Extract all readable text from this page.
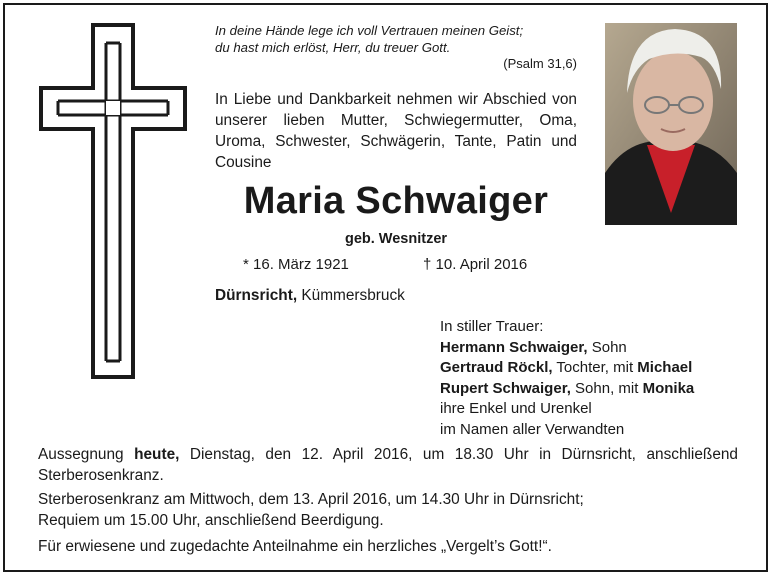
In deine Hände lege ich voll Vertrauen meinen Geist;
du hast mich erlöst, Herr, du treuer Gott.
(Psalm 31,6)
In Liebe und Dankbarkeit nehmen wir Abschied von unserer lieben Mutter, Schwiegermutter, Oma, Uroma, Schwester, Schwägerin, Tante, Patin und Cousine
Maria Schwaiger
geb. Wesnitzer
* 16. März 1921	† 10. April 2016
Dürnsricht, Kümmersbruck
In stiller Trauer:
Hermann Schwaiger, Sohn
Gertraud Röckl, Tochter, mit Michael
Rupert Schwaiger, Sohn, mit Monika
ihre Enkel und Urenkel
im Namen aller Verwandten
Aussegnung heute, Dienstag, den 12. April 2016, um 18.30 Uhr in Dürnsricht, anschließend Sterberosenkranz.
Sterberosenkranz am Mittwoch, dem 13. April 2016, um 14.30 Uhr in Dürnsricht;
Requiem um 15.00 Uhr, anschließend Beerdigung.
Für erwiesene und zugedachte Anteilnahme ein herzliches „Vergelt’s Gott!“.
